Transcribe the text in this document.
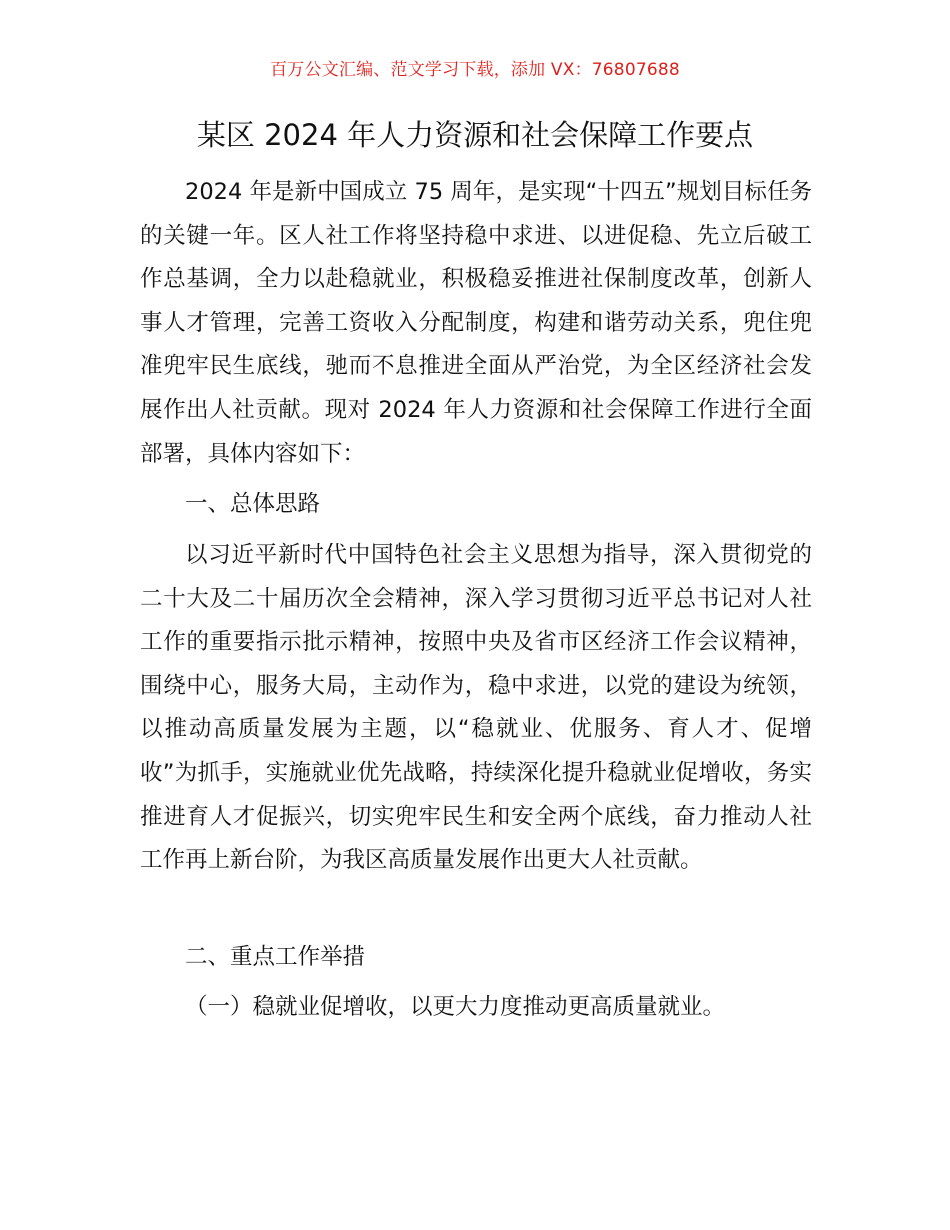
百万公文汇编、范文学习下载，添加 VX：76807688
某区 2024 年人力资源和社会保障工作要点

2024 年是新中国成立 75 周年，是实现“十四五”规划目标任务的关键一年。区人社工作将坚持稳中求进、以进促稳、先立后破工作总基调，全力以赴稳就业，积极稳妥推进社保制度改革，创新人事人才管理，完善工资收入分配制度，构建和谐劳动关系，兜住兜准兜牢民生底线，驰而不息推进全面从严治党，为全区经济社会发展作出人社贡献。现对 2024 年人力资源和社会保障工作进行全面部署，具体内容如下：

一、总体思路

以习近平新时代中国特色社会主义思想为指导，深入贯彻党的二十大及二十届历次全会精神，深入学习贯彻习近平总书记对人社工作的重要指示批示精神，按照中央及省市区经济工作会议精神，围绕中心，服务大局，主动作为，稳中求进，以党的建设为统领，以推动高质量发展为主题，以“稳就业、优服务、育人才、促增收”为抓手，实施就业优先战略，持续深化提升稳就业促增收，务实推进育人才促振兴，切实兜牢民生和安全两个底线，奋力推动人社工作再上新台阶，为我区高质量发展作出更大人社贡献。

二、重点工作举措

（一）稳就业促增收，以更大力度推动更高质量就业。
